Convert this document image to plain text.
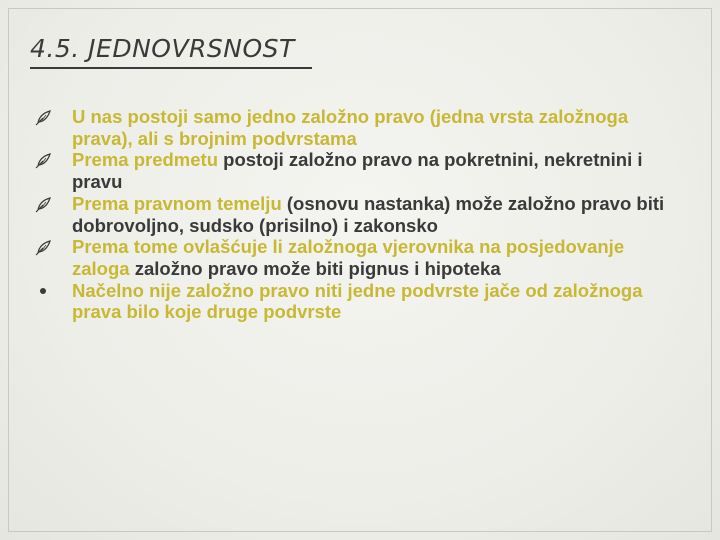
4.5. JEDNOVRSNOST
U nas postoji samo jedno založno pravo (jedna vrsta založnoga prava), ali s brojnim podvrstama
Prema predmetu postoji založno pravo na pokretnini, nekretnini i pravu
Prema pravnom temelju (osnovu nastanka) može založno pravo biti dobrovoljno, sudsko (prisilno) i zakonsko
Prema tome ovlašćuje li založnoga vjerovnika na posjedovanje zaloga založno pravo može biti pignus i hipoteka
Načelno nije založno pravo niti jedne podvrste jače od založnoga prava bilo koje druge podvrste
